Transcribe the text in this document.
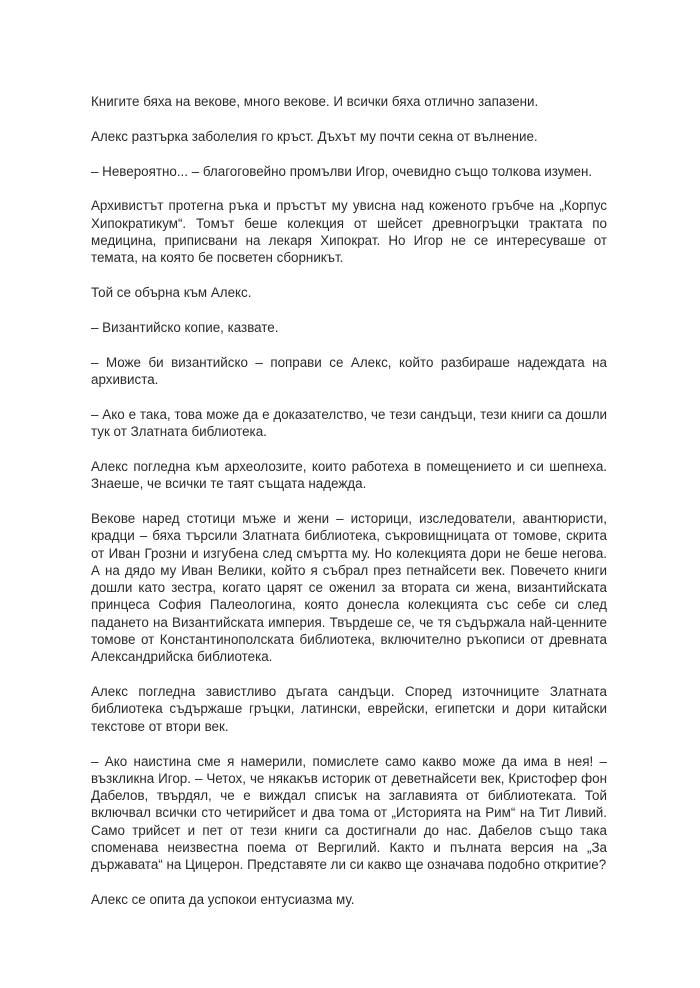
Книгите бяха на векове, много векове. И всички бяха отлично запазени.

Алекс разтърка заболелия го кръст. Дъхът му почти секна от вълнение.

– Невероятно... – благоговейно промълви Игор, очевидно също толкова изумен.

Архивистът протегна ръка и пръстът му увисна над коженото гръбче на „Корпус Хипократикум“. Томът беше колекция от шейсет древногръцки трактата по медицина, приписвани на лекаря Хипократ. Но Игор не се интересуваше от темата, на която бе посветен сборникът.

Той се обърна към Алекс.

– Византийско копие, казвате.

– Може би византийско – поправи се Алекс, който разбираше надеждата на архивиста.

– Ако е така, това може да е доказателство, че тези сандъци, тези книги са дошли тук от Златната библиотека.

Алекс погледна към археолозите, които работеха в помещението и си шепнеха. Знаеше, че всички те таят същата надежда.

Векове наред стотици мъже и жени – историци, изследователи, авантюристи, крадци – бяха търсили Златната библиотека, съкровищницата от томове, скрита от Иван Грозни и изгубена след смъртта му. Но колекцията дори не беше негова. А на дядо му Иван Велики, който я събрал през петнайсети век. Повечето книги дошли като зестра, когато царят се оженил за втората си жена, византийската принцеса София Палеологина, която донесла колекцията със себе си след падането на Византийската империя. Твърдеше се, че тя съдържала най-ценните томове от Константинополската библиотека, включително ръкописи от древната Александрийска библиотека.

Алекс погледна завистливо дъгата сандъци. Според източниците Златната библиотека съдържаше гръцки, латински, еврейски, египетски и дори китайски текстове от втори век.

– Ако наистина сме я намерили, помислете само какво може да има в нея! – възкликна Игор. – Четох, че някакъв историк от деветнайсети век, Кристофер фон Дабелов, твърдял, че е виждал списък на заглавията от библиотеката. Той включвал всички сто четирийсет и два тома от „Историята на Рим“ на Тит Ливий. Само трийсет и пет от тези книги са достигнали до нас. Дабелов също така споменава неизвестна поема от Вергилий. Както и пълната версия на „За държавата“ на Цицерон. Представяте ли си какво ще означава подобно откритие?

Алекс се опита да успокои ентусиазма му.
